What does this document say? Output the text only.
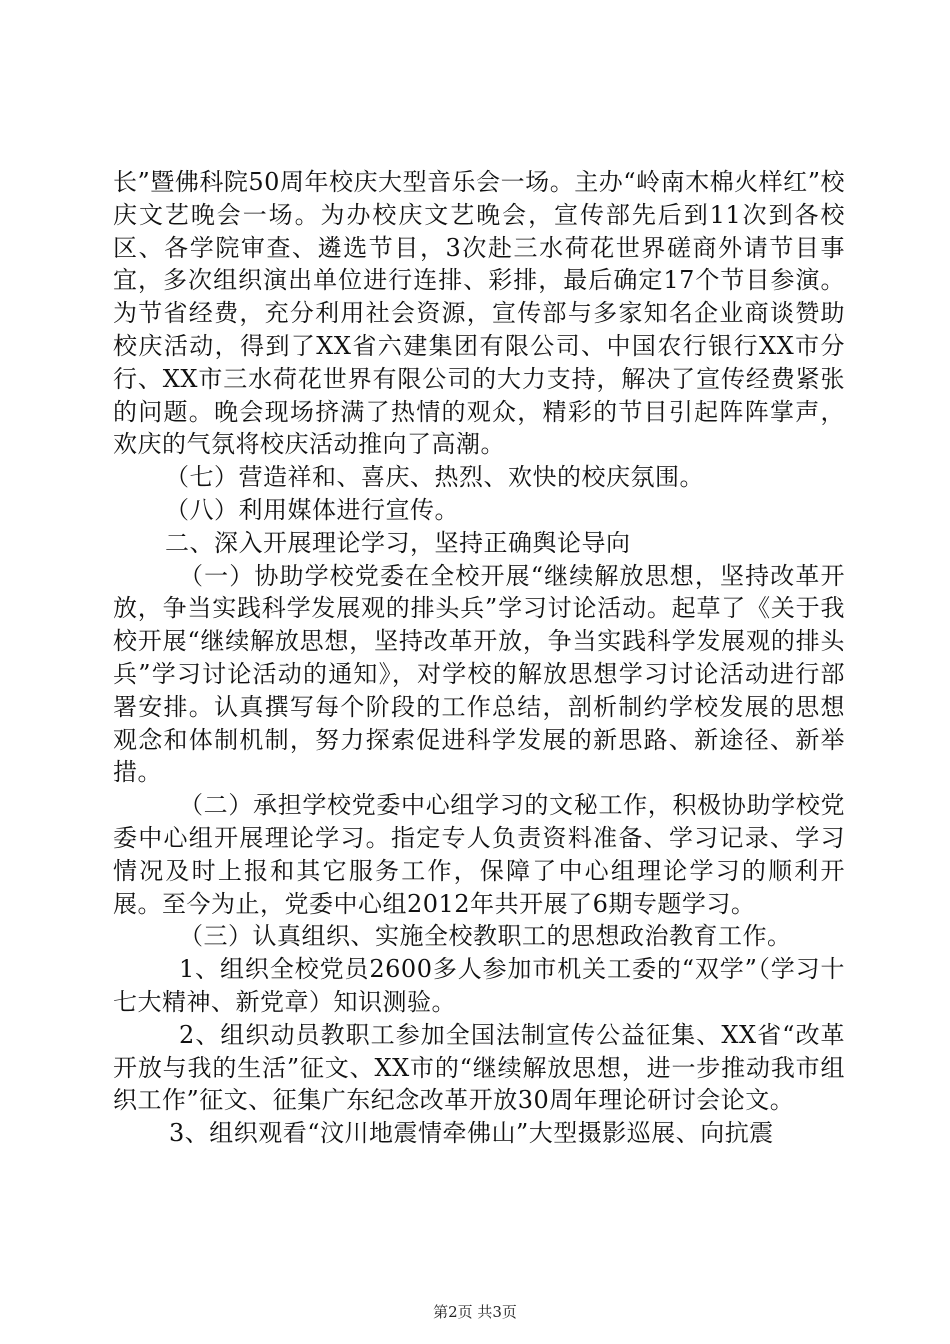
长”暨佛科院50周年校庆大型音乐会一场。主办“岭南木棉火样红”校庆文艺晚会一场。为办校庆文艺晚会，宣传部先后到11次到各校区、各学院审查、遴选节目，3次赴三水荷花世界磋商外请节目事宜，多次组织演出单位进行连排、彩排，最后确定17个节目参演。为节省经费，充分利用社会资源，宣传部与多家知名企业商谈赞助校庆活动，得到了XX省六建集团有限公司、中国农行银行XX市分行、XX市三水荷花世界有限公司的大力支持，解决了宣传经费紧张的问题。晚会现场挤满了热情的观众，精彩的节目引起阵阵掌声，欢庆的气氛将校庆活动推向了高潮。

（七）营造祥和、喜庆、热烈、欢快的校庆氛围。

（八）利用媒体进行宣传。

二、深入开展理论学习，坚持正确舆论导向

（一）协助学校党委在全校开展“继续解放思想，坚持改革开放，争当实践科学发展观的排头兵”学习讨论活动。起草了《关于我校开展“继续解放思想，坚持改革开放，争当实践科学发展观的排头兵”学习讨论活动的通知》，对学校的解放思想学习讨论活动进行部署安排。认真撰写每个阶段的工作总结，剖析制约学校发展的思想观念和体制机制，努力探索促进科学发展的新思路、新途径、新举措。

（二）承担学校党委中心组学习的文秘工作，积极协助学校党委中心组开展理论学习。指定专人负责资料准备、学习记录、学习情况及时上报和其它服务工作，保障了中心组理论学习的顺利开展。至今为止，党委中心组2012年共开展了6期专题学习。

（三）认真组织、实施全校教职工的思想政治教育工作。

1、组织全校党员2600多人参加市机关工委的“双学”（学习十七大精神、新党章）知识测验。

2、组织动员教职工参加全国法制宣传公益征集、XX省“改革开放与我的生活”征文、XX市的“继续解放思想，进一步推动我市组织工作”征文、征集广东纪念改革开放30周年理论研讨会论文。

3、组织观看“汶川地震情牵佛山”大型摄影巡展、向抗震

第2页 共3页
